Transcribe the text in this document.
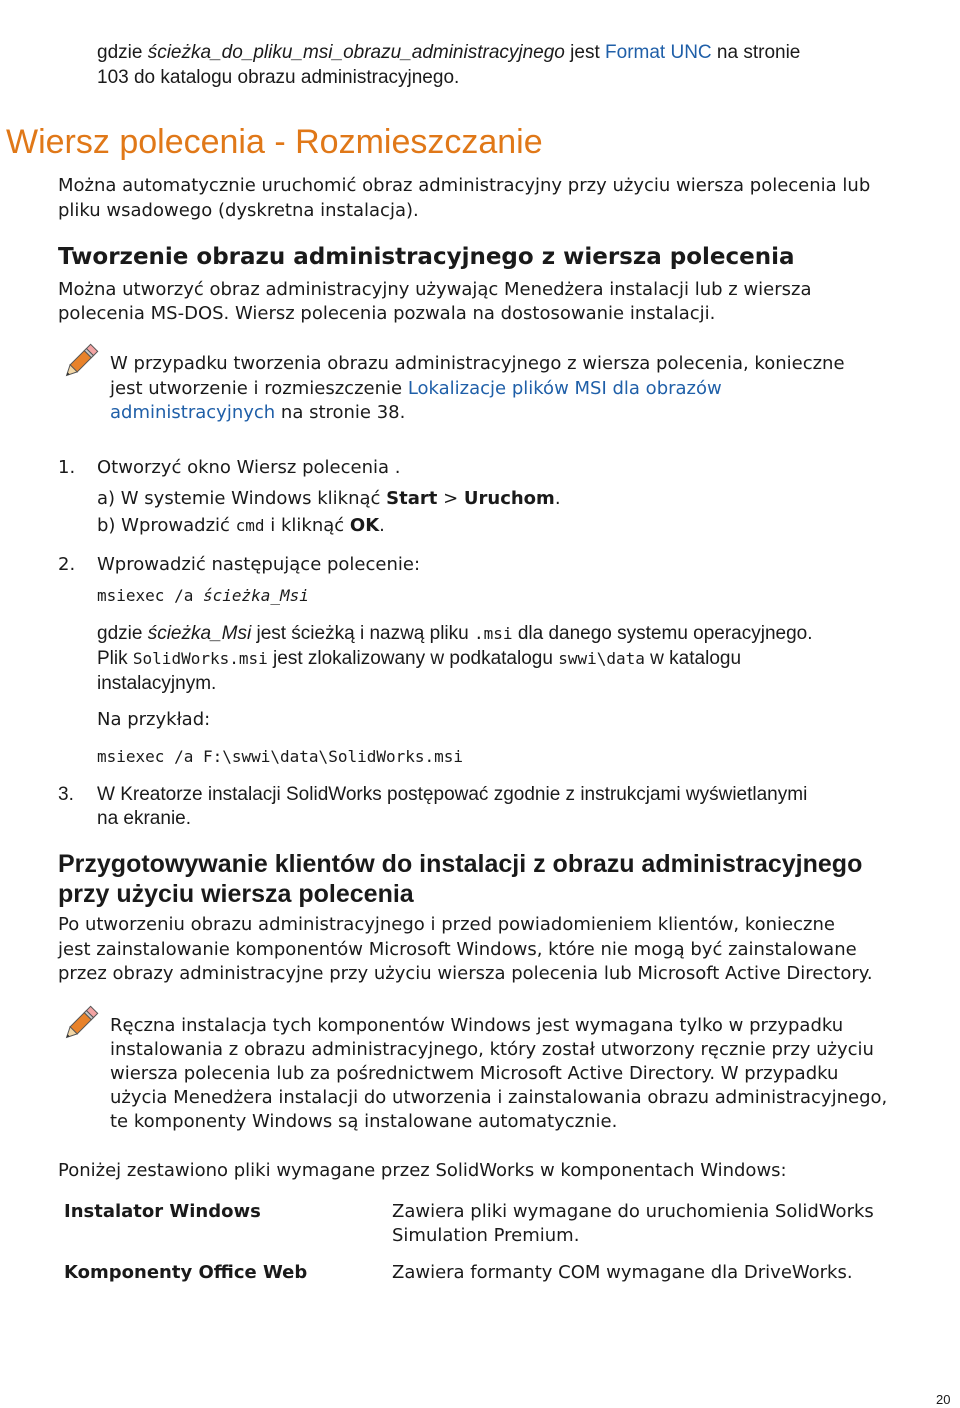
gdzie ścieżka_do_pliku_msi_obrazu_administracyjnego jest Format UNC na stronie
103 do katalogu obrazu administracyjnego.
Wiersz polecenia - Rozmieszczanie
Można automatycznie uruchomić obraz administracyjny przy użyciu wiersza polecenia lub
pliku wsadowego (dyskretna instalacja).
Tworzenie obrazu administracyjnego z wiersza polecenia
Można utworzyć obraz administracyjny używając Menedżera instalacji lub z wiersza
polecenia MS-DOS. Wiersz polecenia pozwala na dostosowanie instalacji.
W przypadku tworzenia obrazu administracyjnego z wiersza polecenia, konieczne
jest utworzenie i rozmieszczenie Lokalizacje plików MSI dla obrazów
administracyjnych na stronie 38.
1.	Otworzyć okno Wiersz polecenia .
a) W systemie Windows kliknąć Start > Uruchom.
b) Wprowadzić cmd i kliknąć OK.
2.	Wprowadzić następujące polecenie:
msiexec /a ścieżka_Msi
gdzie ścieżka_Msi jest ścieżką i nazwą pliku .msi dla danego systemu operacyjnego.
Plik SolidWorks.msi jest zlokalizowany w podkatalogu swwi\data w katalogu
instalacyjnym.
Na przykład:
msiexec /a F:\swwi\data\SolidWorks.msi
3.	W Kreatorze instalacji SolidWorks postępować zgodnie z instrukcjami wyświetlanymi
na ekranie.
Przygotowywanie klientów do instalacji z obrazu administracyjnego
przy użyciu wiersza polecenia
Po utworzeniu obrazu administracyjnego i przed powiadomieniem klientów, konieczne
jest zainstalowanie komponentów Microsoft Windows, które nie mogą być zainstalowane
przez obrazy administracyjne przy użyciu wiersza polecenia lub Microsoft Active Directory.
Ręczna instalacja tych komponentów Windows jest wymagana tylko w przypadku
instalowania z obrazu administracyjnego, który został utworzony ręcznie przy użyciu
wiersza polecenia lub za pośrednictwem Microsoft Active Directory. W przypadku
użycia Menedżera instalacji do utworzenia i zainstalowania obrazu administracyjnego,
te komponenty Windows są instalowane automatycznie.
Poniżej zestawiono pliki wymagane przez SolidWorks w komponentach Windows:
Instalator Windows	Zawiera pliki wymagane do uruchomienia SolidWorks
Simulation Premium.
Komponenty Office Web	Zawiera formanty COM wymagane dla DriveWorks.
20
